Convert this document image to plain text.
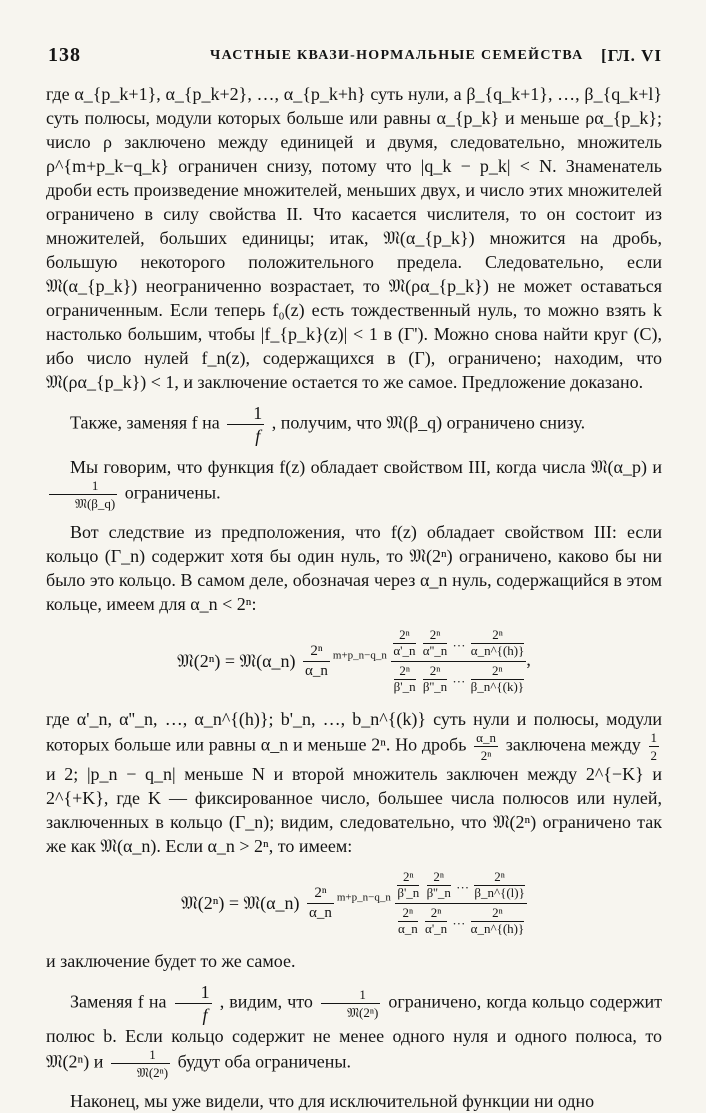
138	ЧАСТНЫЕ КВАЗИ-НОРМАЛЬНЫЕ СЕМЕЙСТВА [ГЛ. VI

где α_{p_k+1}, α_{p_k+2}, …, α_{p_k+h} суть нули, а β_{q_k+1}, …, β_{q_k+l} суть полюсы, модули которых больше или равны α_{p_k} и меньше ρα_{p_k}; число ρ заключено между единицей и двумя, следовательно, множитель ρ^{m+p_k−q_k} ограничен снизу, потому что |q_k − p_k| < N. Знаменатель дроби есть произведение множителей, меньших двух, и число этих множителей ограничено в силу свойства II. Что касается числителя, то он состоит из множителей, больших единицы; итак, 𝔐(α_{p_k}) множится на дробь, большую некоторого положительного предела. Следовательно, если 𝔐(α_{p_k}) неограниченно возрастает, то 𝔐(ρα_{p_k}) не может оставаться ограниченным. Если теперь f₀(z) есть тождественный нуль, то можно взять k настолько большим, чтобы |f_{p_k}(z)| < 1 в (Γ'). Можно снова найти круг (C), ибо число нулей f_n(z), содержащихся в (Γ), ограничено; находим, что 𝔐(ρα_{p_k}) < 1, и заключение остается то же самое. Предложение доказано.

Также, заменяя f на $\frac{1}{f}$ , получим, что 𝔐(β_q) ограничено снизу.

Мы говорим, что функция f(z) обладает свойством III, когда числа 𝔐(α_p) и
$\frac{1}{\text{𝔐(β\_q)}}$ ограничены.

Вот следствие из предположения, что f(z) обладает свойством III: если кольцо (Γ_n) содержит хотя бы один нуль, то 𝔐(2ⁿ) ограничено, каково бы ни было это кольцо. В самом деле, обозначая через α_n нуль, содержащийся в этом кольце, имеем для α_n < 2ⁿ:

𝔐(2ⁿ) = 𝔐(α_n) $\frac{\text{2ⁿ}}{\alpha\_n} ^{m+p\_n-q\_n} \frac{\text{2ⁿ}}{\alpha'\_n}$
$\frac{\text{2ⁿ}}{\alpha''\_n}$ … $\frac{\text{2ⁿ}}{\alpha\_n\^{}\{(h)\}}$
$\frac{\text{2ⁿ}}{\beta'\_n}$
$\frac{\text{2ⁿ}}{\beta''\_n}$ … $\frac{\text{2ⁿ}}{\beta\_n\^{}\{(k)\}}$ ,

где α'_n, α''_n, …, α_n^{(h)}; b'_n, …, b_n^{(k)} суть нули и полюсы, модули которых больше или равны α_n и меньше 2ⁿ. Но дробь $\frac{\alpha\_n}{\text{2ⁿ}}$ заключена между $\frac{1}{2}$
и 2; |p_n − q_n| меньше N и второй множитель заключен между 2^{−K} и 2^{+K}, где K — фиксированное число, большее числа полюсов или нулей, заключенных в кольцо (Γ_n); видим, следовательно, что 𝔐(2ⁿ) ограничено так же как 𝔐(α_n). Если α_n > 2ⁿ, то имеем:

𝔐(2ⁿ) = 𝔐(α_n) $\frac{\text{2ⁿ}}{\alpha\_n} ^{m+p\_n-q\_n} \frac{\text{2ⁿ}}{\beta'\_n}$
$\frac{\text{2ⁿ}}{\beta''\_n}$ … $\frac{\text{2ⁿ}}{\beta\_n\^{}\{(l)\}}$
$\frac{\text{2ⁿ}}{\alpha\_n}$
$\frac{\text{2ⁿ}}{\alpha'\_n}$ … $\frac{\text{2ⁿ}}{\alpha\_n\^{}\{(h)\}}$

и заключение будет то же самое.

Заменяя f на $\frac{1}{f}$ , видим, что $\frac{1}{\text{𝔐(2ⁿ)}}$ ограничено, когда кольцо содержит полюс b. Если кольцо содержит не менее одного нуля и одного полюса, то 𝔐(2ⁿ) и $\frac{1}{\text{𝔐(2ⁿ)}}$ будут оба ограничены.

Наконец, мы уже видели, что для исключительной функции ни одно
